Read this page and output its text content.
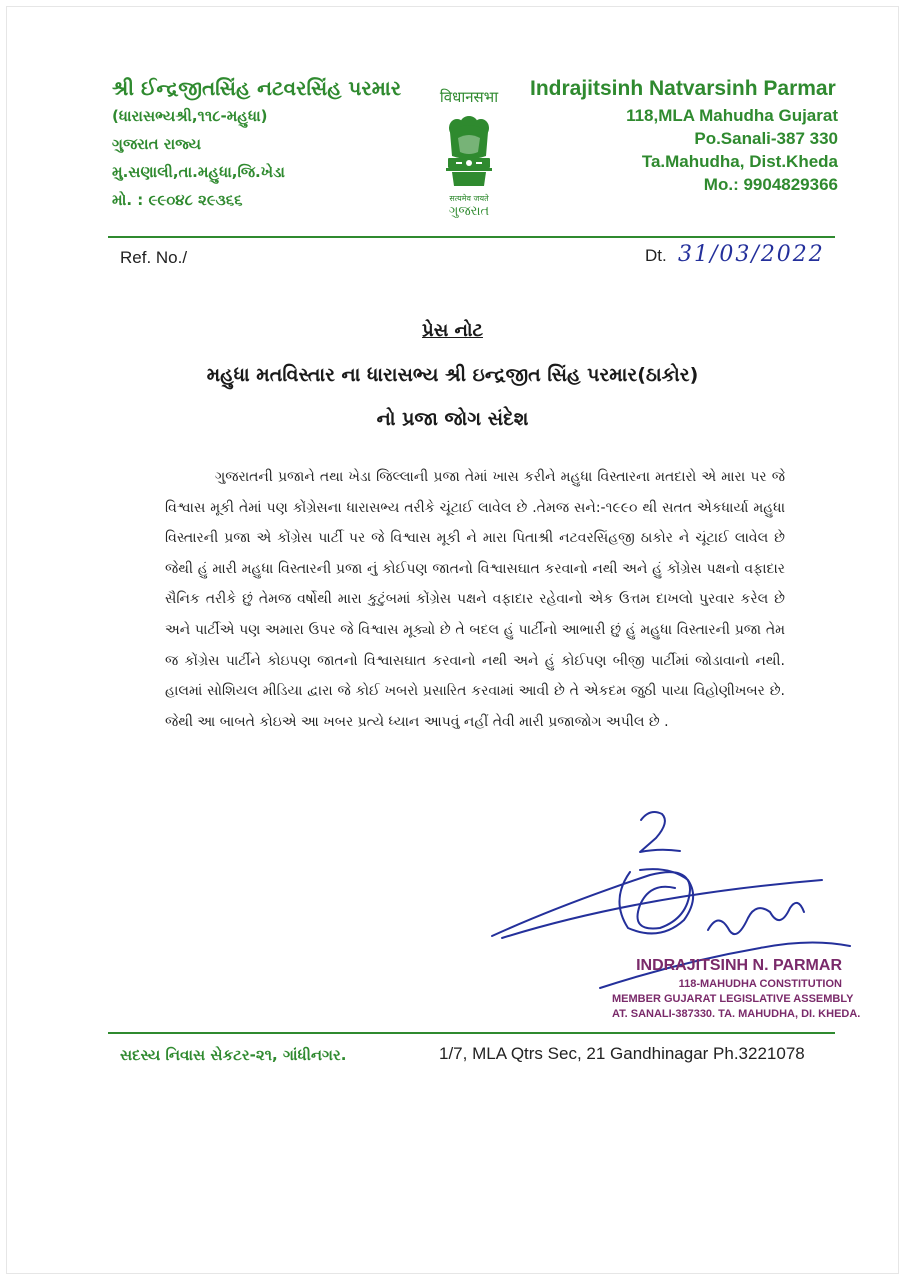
શ્રી ઈન્દ્રજીતસિંહ નટવરસિંહ પરમાર
(ધારાસભ્યશ્રી,૧૧૮-મહુધા)
ગુજરાત રાજ્ય
મુ.સણાલી,તા.મહુધા,જિ.ખેડા
મો. : ૯૯૦૪૮ ૨૯૩૬૬
विधानसभा
सत्यमेव जयते
ગુજરાત
Indrajitsinh Natvarsinh Parmar
118,MLA Mahudha Gujarat
Po.Sanali-387 330
Ta.Mahudha, Dist.Kheda
Mo.: 9904829366
Ref. No./	Dt. 31/03/2022
પ્રેસ નોટ
મહુધા મતવિસ્તાર ના ધારાસભ્ય શ્રી ઇન્દ્રજીત સિંહ પરમાર(ઠાકોર)
નો પ્રજા જોગ સંદેશ

ગુજરાતની પ્રજાને તથા ખેડા જિલ્લાની પ્રજા તેમાં ખાસ કરીને મહુધા વિસ્તારના મતદારો એ મારા પર જે વિશ્વાસ મૂકી તેમાં પણ કોંગ્રેસના ધારાસભ્ય તરીકે ચૂંટાઈ લાવેલ છે .તેમજ સને:-૧૯૯૦ થી સતત એકધાર્યા મહુધા વિસ્તારની પ્રજા એ કોંગ્રેસ પાર્ટી પર જે વિશ્વાસ મૂકી ને મારા પિતાશ્રી નટવરસિંહજી ઠાકોર ને ચૂંટાઈ લાવેલ છે જેથી હું મારી મહુધા વિસ્તારની પ્રજા નું કોઈપણ જાતનો વિશ્વાસઘાત કરવાનો નથી અને હું કોંગ્રેસ પક્ષનો વફાદાર સૈનિક તરીકે છું તેમજ વર્ષોથી મારા કુટુંબમાં કોંગ્રેસ પક્ષને વફાદાર રહેવાનો એક ઉત્તમ દાખલો પુરવાર કરેલ છે અને પાર્ટીએ પણ અમારા ઉપર જે વિશ્વાસ મૂક્યો છે તે બદલ હું પાર્ટીનો આભારી છું હું મહુધા વિસ્તારની પ્રજા તેમ જ કોંગ્રેસ પાર્ટીને કોઇપણ જાતનો વિશ્વાસઘાત કરવાનો નથી અને હું કોઈપણ બીજી પાર્ટીમાં જોડાવાનો નથી. હાલમાં સોશિયલ મીડિયા દ્વારા જે કોઈ ખબરો પ્રસારિત કરવામાં આવી છે તે એકદમ જુઠી પાયા વિહોણીખબર છે. જેથી આ બાબતે કોઇએ આ ખબર પ્રત્યે ધ્યાન આપવું નહીં તેવી મારી પ્રજાજોગ અપીલ છે .

INDRAJITSINH N. PARMAR
118-MAHUDHA CONSTITUTION
MEMBER GUJARAT LEGISLATIVE ASSEMBLY
AT. SANALI-387330. TA. MAHUDHA, DI. KHEDA.
સદસ્ય નિવાસ સેકટર-૨૧, ગાંધીનગર.	1/7, MLA Qtrs Sec, 21 Gandhinagar Ph.3221078
